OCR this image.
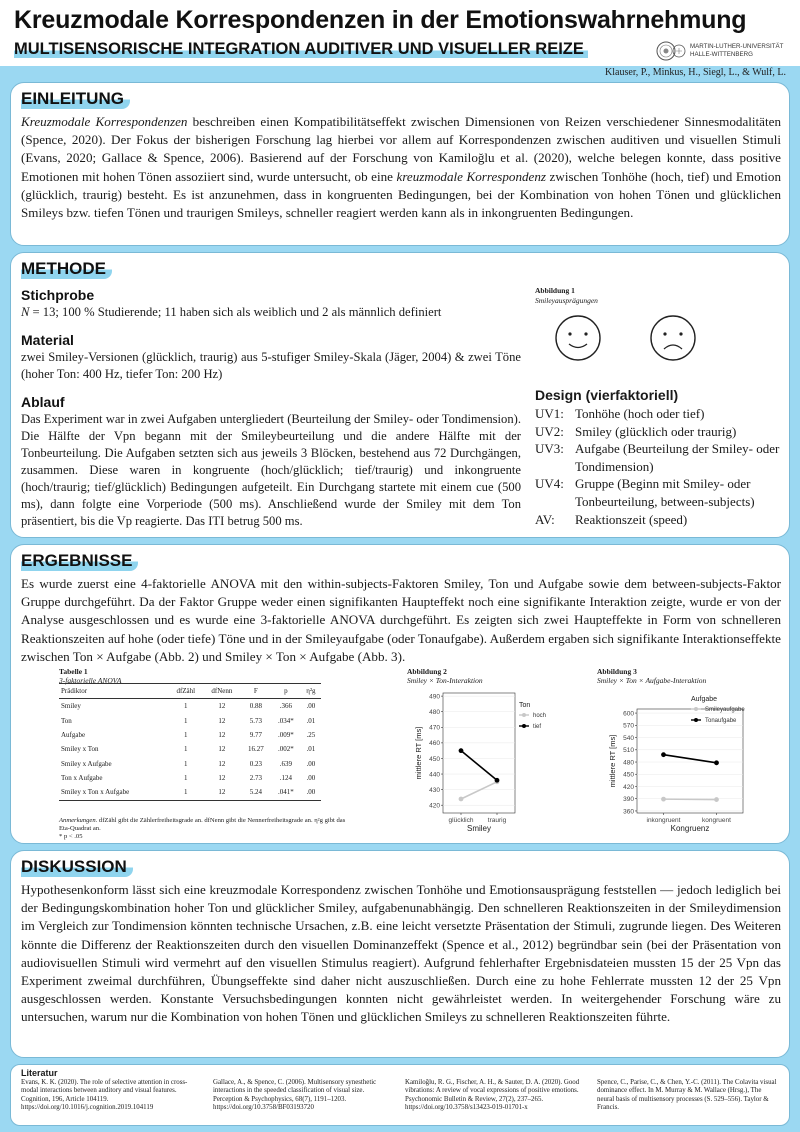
Kreuzmodale Korrespondenzen in der Emotionswahrnehmung
MULTISENSORISCHE INTEGRATION AUDITIVER UND VISUELLER REIZE	MARTIN-LUTHER-UNIVERSITÄT
HALLE-WITTENBERG
Klauser, P., Minkus, H., Siegl, L., & Wulf, L.
EINLEITUNG
Kreuzmodale Korrespondenzen beschreiben einen Kompatibilitätseffekt zwischen Dimensionen von Reizen verschiedener Sinnesmodalitäten (Spence, 2020). Der Fokus der bisherigen Forschung lag hierbei vor allem auf Korrespondenzen zwischen auditiven und visuellen Stimuli (Evans, 2020; Gallace & Spence, 2006). Basierend auf der Forschung von Kamiloğlu et al. (2020), welche belegen konnte, dass positive Emotionen mit hohen Tönen assoziiert sind, wurde untersucht, ob eine kreuzmodale Korrespondenz zwischen Tonhöhe (hoch, tief) und Emotion (glücklich, traurig) besteht. Es ist anzunehmen, dass in kongruenten Bedingungen, bei der Kombination von hohen Tönen und glücklichen Smileys bzw. tiefen Tönen und traurigen Smileys, schneller reagiert werden kann als in inkongruenten Bedingungen.
METHODE
Stichprobe
N = 13; 100 % Studierende; 11 haben sich als weiblich und 2 als männlich definiert
Material
zwei Smiley-Versionen (glücklich, traurig) aus 5-stufiger Smiley-Skala (Jäger, 2004) & zwei Töne (hoher Ton: 400 Hz, tiefer Ton: 200 Hz)
Ablauf
Das Experiment war in zwei Aufgaben untergliedert (Beurteilung der Smiley- oder Tondimension). Die Hälfte der Vpn begann mit der Smileybeurteilung und die andere Hälfte mit der Tonbeurteilung. Die Aufgaben setzten sich aus jeweils 3 Blöcken, bestehend aus 72 Durchgängen, zusammen. Diese waren in kongruente (hoch/glücklich; tief/traurig) und inkongruente (hoch/traurig; tief/glücklich) Bedingungen aufgeteilt. Ein Durchgang startete mit einem cue (500 ms), dann folgte eine Vorperiode (500 ms). Anschließend wurde der Smiley mit dem Ton präsentiert, bis die Vp reagierte. Das ITI betrug 500 ms.
Abbildung 1
Smileyausprägungen
Design (vierfaktoriell)
UV1: Tonhöhe (hoch oder tief)
UV2: Smiley (glücklich oder traurig)
UV3: Aufgabe (Beurteilung der Smiley- oder Tondimension)
UV4: Gruppe (Beginn mit Smiley- oder Tonbeurteilung, between-subjects)
AV:	Reaktionszeit (speed)
ERGEBNISSE
Es wurde zuerst eine 4-faktorielle ANOVA mit den within-subjects-Faktoren Smiley, Ton und Aufgabe sowie dem between-subjects-Faktor Gruppe durchgeführt. Da der Faktor Gruppe weder einen signifikanten Haupteffekt noch eine signifikante Interaktion zeigte, wurde er von der Analyse ausgeschlossen und es wurde eine 3-faktorielle ANOVA durchgeführt. Es zeigten sich zwei Haupteffekte in Form von schnelleren Reaktionszeiten auf hohe (oder tiefe) Töne und in der Smileyaufgabe (oder Tonaufgabe). Außerdem ergaben sich signifikante Interaktionseffekte zwischen Ton × Aufgabe (Abb. 2) und Smiley × Ton × Aufgabe (Abb. 3).
Tabelle 1
3-faktorielle ANOVA
Prädiktor	dfZähl	dfNenn	F	p	η²g
Smiley	1	12	0.88	.366	.00
Ton	1	12	5.73	.034*	.01
Aufgabe	1	12	9.77	.009*	.25
Smiley x Ton	1	12	16.27	.002*	.01
Smiley x Aufgabe	1	12	0.23	.639	.00
Ton x Aufgabe	1	12	2.73	.124	.00
Smiley x Ton x Aufgabe	1	12	5.24	.041*	.00
Anmerkungen. dfZähl gibt die Zählerfreiheitsgrade an. dfNenn gibt die Nennerfreiheitsgrade an. η²g gibt das Eta-Quadrat an.
* p < .05
Abbildung 2
Smiley × Ton-Interaktion
420
430
440
450
460
470
480
490
glücklich traurig
Smiley
mittlere RT [ms]
Ton
hoch
tief
Abbildung 3
Smiley × Ton × Aufgabe-Interaktion
360
390
420
450
480
510
540
570
600
inkongruent	kongruent
Kongruenz
mittlere RT [ms]
Aufgabe
Smileyaufgabe
Tonaufgabe
DISKUSSION
Hypothesenkonform lässt sich eine kreuzmodale Korrespondenz zwischen Tonhöhe und Emotionsausprägung feststellen — jedoch lediglich bei der Bedingungskombination hoher Ton und glücklicher Smiley, aufgabenunabhängig. Den schnelleren Reaktionszeiten in der Smileydimension im Vergleich zur Tondimension könnten technische Ursachen, z.B. eine leicht versetzte Präsentation der Stimuli, zugrunde liegen. Des Weiteren könnte die Differenz der Reaktionszeiten durch den visuellen Dominanzeffekt (Spence et al., 2012) begründbar sein (bei der Präsentation von audiovisuellen Stimuli wird vermehrt auf den visuellen Stimulus reagiert). Aufgrund fehlerhafter Ergebnisdateien mussten 15 der 25 Vpn das Experiment zweimal durchführen, Übungseffekte sind daher nicht auszuschließen. Durch eine zu hohe Fehlerrate mussten 12 der 25 Vpn ausgeschlossen werden. Konstante Versuchsbedingungen konnten nicht gewährleistet werden. In weitergehender Forschung wäre zu untersuchen, warum nur die Kombination von hohen Tönen und glücklichen Smileys zu schnelleren Reaktionszeiten führte.
Literatur
Evans, K. K. (2020). The role of selective attention in cross-modal interactions between auditory and visual features. Cognition, 196, Article 104119. https://doi.org/10.1016/j.cognition.2019.104119
Gallace, A., & Spence, C. (2006). Multisensory synesthetic interactions in the speeded classification of visual size. Perception & Psychophysics, 68(7), 1191–1203. https://doi.org/10.3758/BF03193720
Kamiloğlu, R. G., Fischer, A. H., & Sauter, D. A. (2020). Good vibrations: A review of vocal expressions of positive emotions. Psychonomic Bulletin & Review, 27(2), 237–265. https://doi.org/10.3758/s13423-019-01701-x
Spence, C., Parise, C., & Chen, Y.-C. (2011). The Colavita visual dominance effect. In M. Murray & M. Wallace (Hrsg.), The neural basis of multisensory processes (S. 529–556). Taylor & Francis.
